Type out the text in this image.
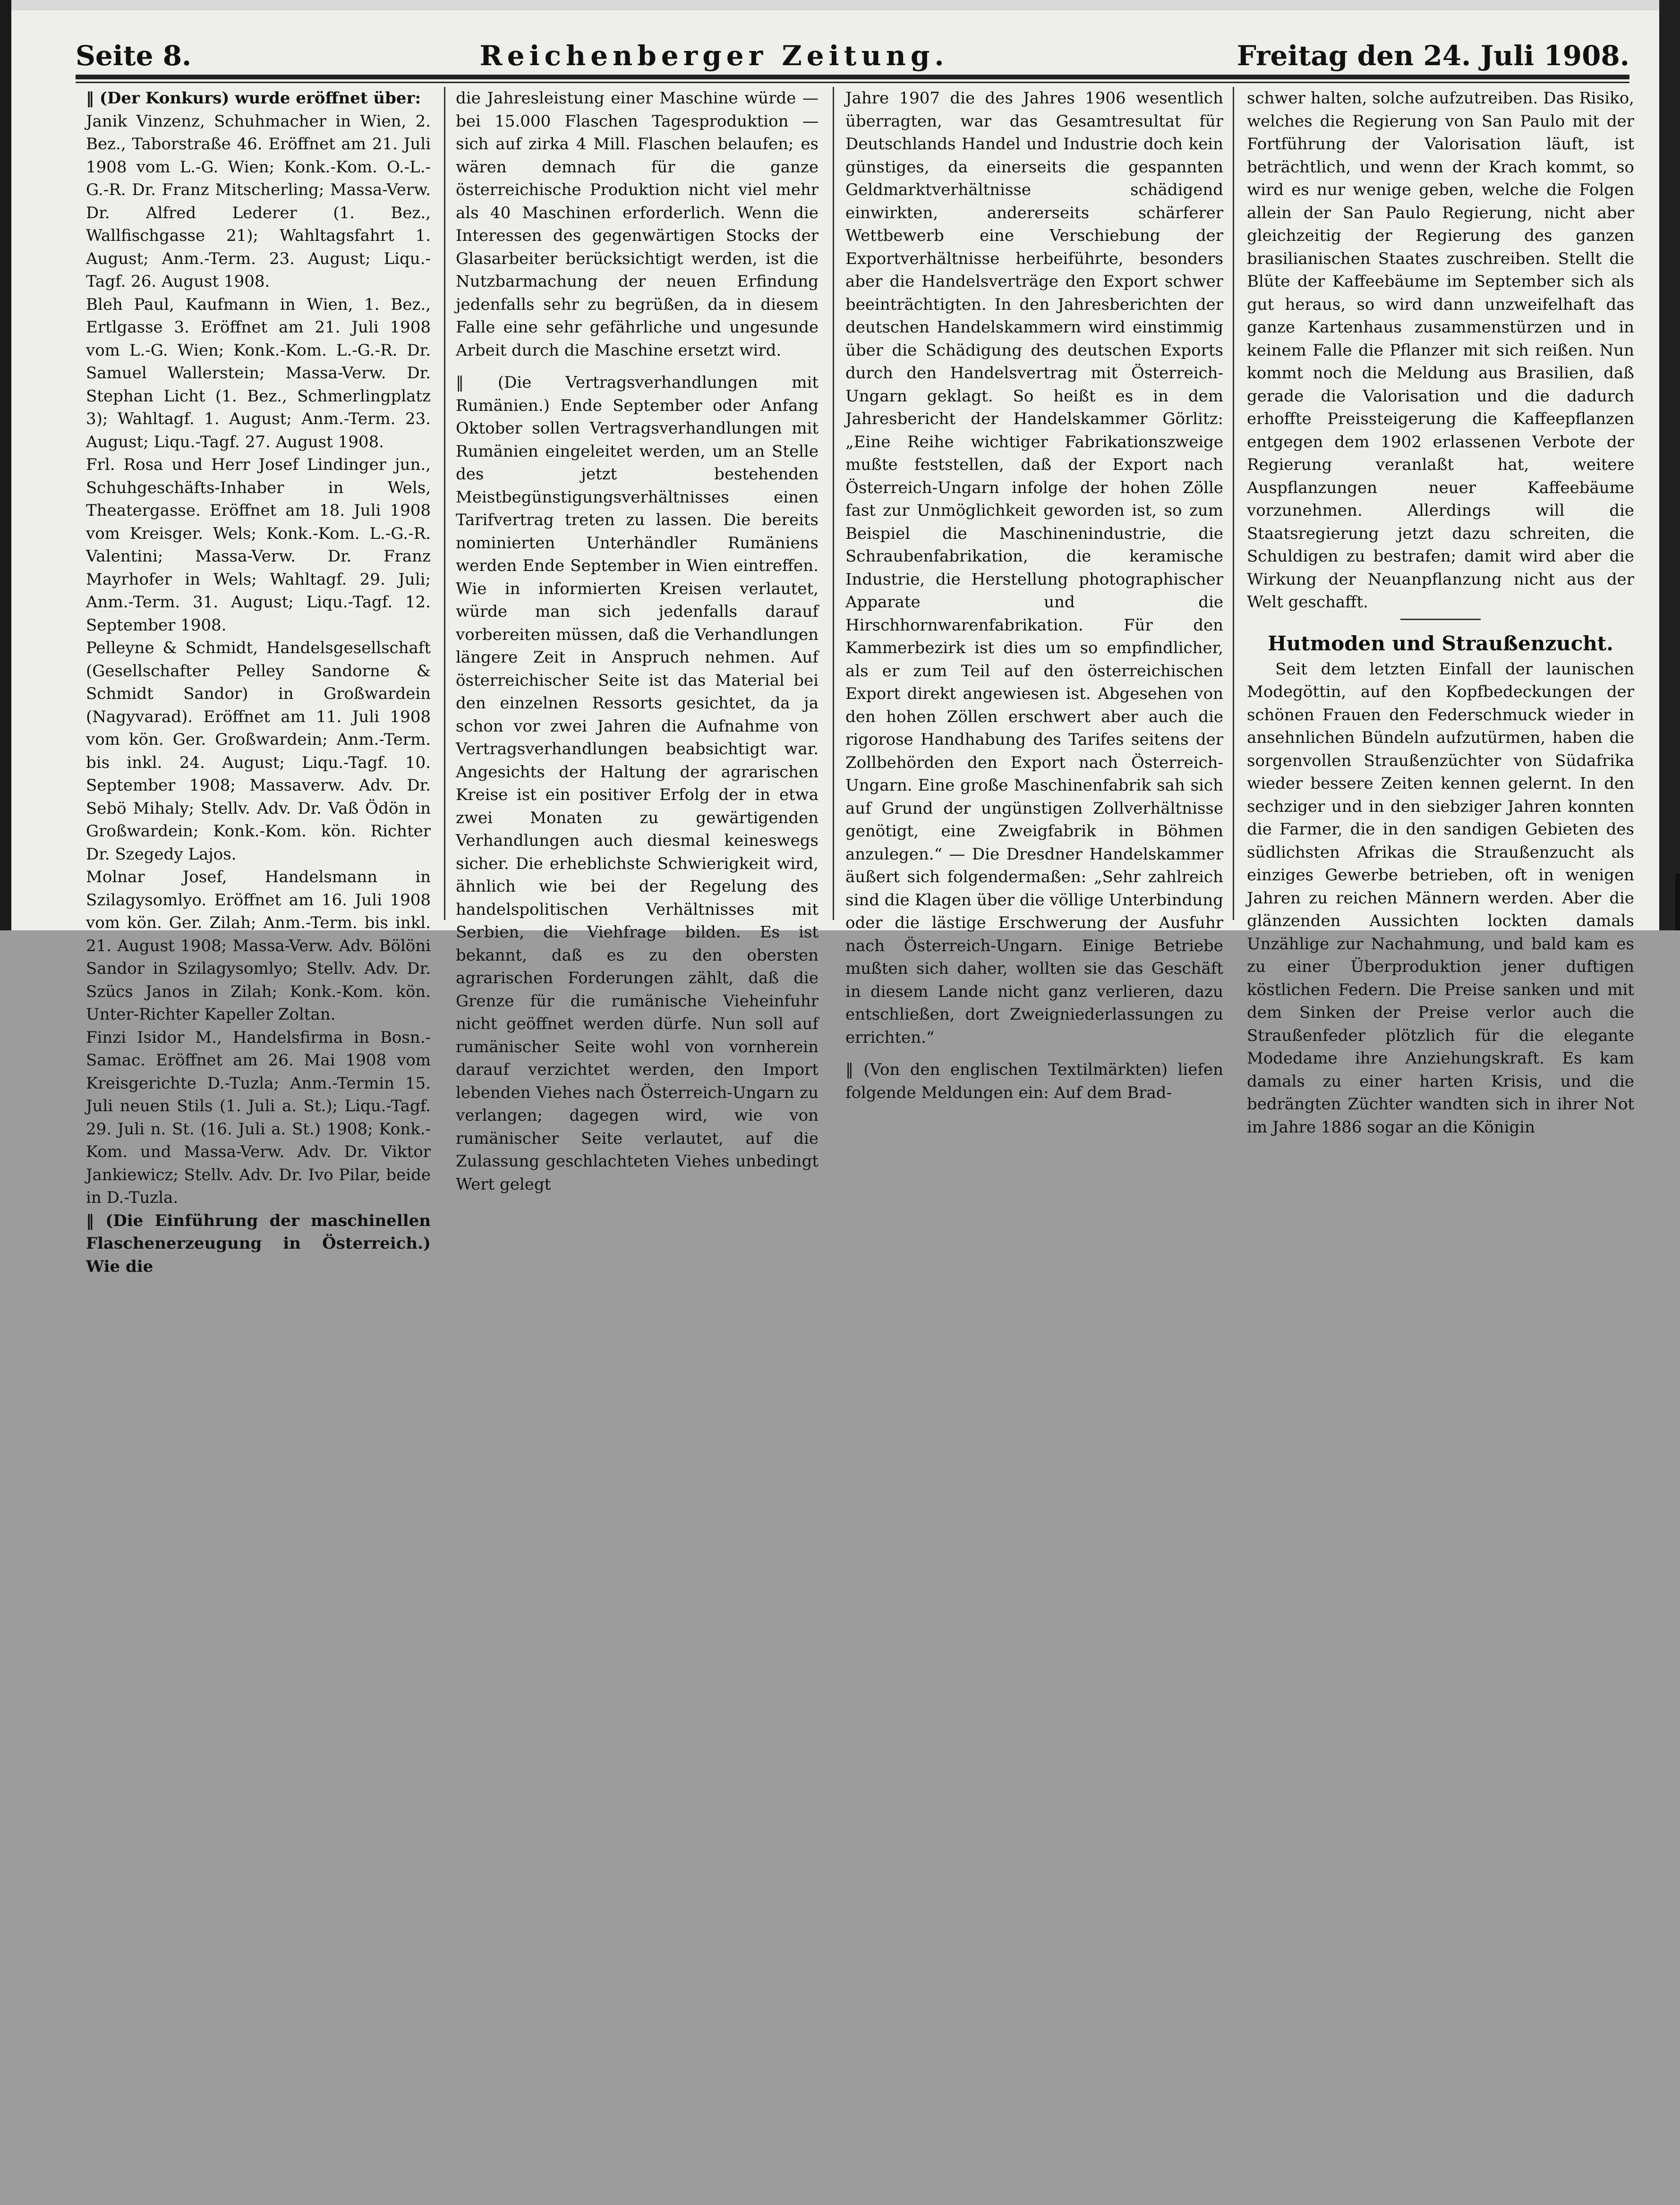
Seite 8.	Reichenberger Zeitung.	Freitag den 24. Juli 1908.

‖ (Der Konkurs) wurde eröffnet über:

Janik Vinzenz, Schuhmacher in Wien, 2. Bez., Taborstraße 46. Eröffnet am 21. Juli 1908 vom L.-G. Wien; Konk.-Kom. O.-L.-G.-R. Dr. Franz Mitscherling; Massa-Verw. Dr. Alfred Lederer (1. Bez., Wallfischgasse 21); Wahltagsfahrt 1. August; Anm.-Term. 23. August; Liqu.-Tagf. 26. August 1908.

Bleh Paul, Kaufmann in Wien, 1. Bez., Ertlgasse 3. Eröffnet am 21. Juli 1908 vom L.-G. Wien; Konk.-Kom. L.-G.-R. Dr. Samuel Wallerstein; Massa-Verw. Dr. Stephan Licht (1. Bez., Schmerlingplatz 3); Wahltagf. 1. August; Anm.-Term. 23. August; Liqu.-Tagf. 27. August 1908.

Frl. Rosa und Herr Josef Lindinger jun., Schuhgeschäfts-Inhaber in Wels, Theatergasse. Eröffnet am 18. Juli 1908 vom Kreisger. Wels; Konk.-Kom. L.-G.-R. Valentini; Massa-Verw. Dr. Franz Mayrhofer in Wels; Wahltagf. 29. Juli; Anm.-Term. 31. August; Liqu.-Tagf. 12. September 1908.

Pelleyne & Schmidt, Handelsgesellschaft (Gesellschafter Pelley Sandorne & Schmidt Sandor) in Großwardein (Nagyvarad). Eröffnet am 11. Juli 1908 vom kön. Ger. Großwardein; Anm.-Term. bis inkl. 24. August; Liqu.-Tagf. 10. September 1908; Massaverw. Adv. Dr. Sebö Mihaly; Stellv. Adv. Dr. Vaß Ödön in Großwardein; Konk.-Kom. kön. Richter Dr. Szegedy Lajos.

Molnar Josef, Handelsmann in Szilagysomlyo. Eröffnet am 16. Juli 1908 vom kön. Ger. Zilah; Anm.-Term. bis inkl. 21. August 1908; Massa-Verw. Adv. Bölöni Sandor in Szilagysomlyo; Stellv. Adv. Dr. Szücs Janos in Zilah; Konk.-Kom. kön. Unter-Richter Kapeller Zoltan.

Finzi Isidor M., Handelsfirma in Bosn.-Samac. Eröffnet am 26. Mai 1908 vom Kreisgerichte D.-Tuzla; Anm.-Termin 15. Juli neuen Stils (1. Juli a. St.); Liqu.-Tagf. 29. Juli n. St. (16. Juli a. St.) 1908; Konk.-Kom. und Massa-Verw. Adv. Dr. Viktor Jankiewicz; Stellv. Adv. Dr. Ivo Pilar, beide in D.-Tuzla.

‖ (Die Einführung der maschinellen Flaschenerzeugung in Österreich.) Wie die

die Jahresleistung einer Maschine würde — bei 15.000 Flaschen Tagesproduktion — sich auf zirka 4 Mill. Flaschen belaufen; es wären demnach für die ganze österreichische Produktion nicht viel mehr als 40 Maschinen erforderlich. Wenn die Interessen des gegenwärtigen Stocks der Glasarbeiter berücksichtigt werden, ist die Nutzbarmachung der neuen Erfindung jedenfalls sehr zu begrüßen, da in diesem Falle eine sehr gefährliche und ungesunde Arbeit durch die Maschine ersetzt wird.

‖ (Die Vertragsverhandlungen mit Rumänien.) Ende September oder Anfang Oktober sollen Vertragsverhandlungen mit Rumänien eingeleitet werden, um an Stelle des jetzt bestehenden Meistbegünstigungsverhältnisses einen Tarifvertrag treten zu lassen. Die bereits nominierten Unterhändler Rumäniens werden Ende September in Wien eintreffen. Wie in informierten Kreisen verlautet, würde man sich jedenfalls darauf vorbereiten müssen, daß die Verhandlungen längere Zeit in Anspruch nehmen. Auf österreichischer Seite ist das Material bei den einzelnen Ressorts gesichtet, da ja schon vor zwei Jahren die Aufnahme von Vertragsverhandlungen beabsichtigt war. Angesichts der Haltung der agrarischen Kreise ist ein positiver Erfolg der in etwa zwei Monaten zu gewärtigenden Verhandlungen auch diesmal keineswegs sicher. Die erheblichste Schwierigkeit wird, ähnlich wie bei der Regelung des handelspolitischen Verhältnisses mit Serbien, die Viehfrage bilden. Es ist bekannt, daß es zu den obersten agrarischen Forderungen zählt, daß die Grenze für die rumänische Vieheinfuhr nicht geöffnet werden dürfe. Nun soll auf rumänischer Seite wohl von vornherein darauf verzichtet werden, den Import lebenden Viehes nach Österreich-Ungarn zu verlangen; dagegen wird, wie von rumänischer Seite verlautet, auf die Zulassung geschlachteten Viehes unbedingt Wert gelegt

Jahre 1907 die des Jahres 1906 wesentlich überragten, war das Gesamtresultat für Deutschlands Handel und Industrie doch kein günstiges, da einerseits die gespannten Geldmarktverhältnisse schädigend einwirkten, andererseits schärferer Wettbewerb eine Verschiebung der Exportverhältnisse herbeiführte, besonders aber die Handelsverträge den Export schwer beeinträchtigten. In den Jahresberichten der deutschen Handelskammern wird einstimmig über die Schädigung des deutschen Exports durch den Handelsvertrag mit Österreich-Ungarn geklagt. So heißt es in dem Jahresbericht der Handelskammer Görlitz: „Eine Reihe wichtiger Fabrikationszweige mußte feststellen, daß der Export nach Österreich-Ungarn infolge der hohen Zölle fast zur Unmöglichkeit geworden ist, so zum Beispiel die Maschinenindustrie, die Schraubenfabrikation, die keramische Industrie, die Herstellung photographischer Apparate und die Hirschhornwarenfabrikation. Für den Kammerbezirk ist dies um so empfindlicher, als er zum Teil auf den österreichischen Export direkt angewiesen ist. Abgesehen von den hohen Zöllen erschwert aber auch die rigorose Handhabung des Tarifes seitens der Zollbehörden den Export nach Österreich-Ungarn. Eine große Maschinenfabrik sah sich auf Grund der ungünstigen Zollverhältnisse genötigt, eine Zweigfabrik in Böhmen anzulegen.“ — Die Dresdner Handelskammer äußert sich folgendermaßen: „Sehr zahlreich sind die Klagen über die völlige Unterbindung oder die lästige Erschwerung der Ausfuhr nach Österreich-Ungarn. Einige Betriebe mußten sich daher, wollten sie das Geschäft in diesem Lande nicht ganz verlieren, dazu entschließen, dort Zweigniederlassungen zu errichten.“

‖ (Von den englischen Textilmärkten) liefen folgende Meldungen ein: Auf dem Brad-

schwer halten, solche aufzutreiben. Das Risiko, welches die Regierung von San Paulo mit der Fortführung der Valorisation läuft, ist beträchtlich, und wenn der Krach kommt, so wird es nur wenige geben, welche die Folgen allein der San Paulo Regierung, nicht aber gleichzeitig der Regierung des ganzen brasilianischen Staates zuschreiben. Stellt die Blüte der Kaffeebäume im September sich als gut heraus, so wird dann unzweifelhaft das ganze Kartenhaus zusammenstürzen und in keinem Falle die Pflanzer mit sich reißen. Nun kommt noch die Meldung aus Brasilien, daß gerade die Valorisation und die dadurch erhoffte Preissteigerung die Kaffeepflanzen entgegen dem 1902 erlassenen Verbote der Regierung veranlaßt hat, weitere Auspflanzungen neuer Kaffeebäume vorzunehmen. Allerdings will die Staatsregierung jetzt dazu schreiten, die Schuldigen zu bestrafen; damit wird aber die Wirkung der Neuanpflanzung nicht aus der Welt geschafft.

Hutmoden und Straußenzucht.

Seit dem letzten Einfall der launischen Modegöttin, auf den Kopfbedeckungen der schönen Frauen den Federschmuck wieder in ansehnlichen Bündeln aufzutürmen, haben die sorgenvollen Straußenzüchter von Südafrika wieder bessere Zeiten kennen gelernt. In den sechziger und in den siebziger Jahren konnten die Farmer, die in den sandigen Gebieten des südlichsten Afrikas die Straußenzucht als einziges Gewerbe betrieben, oft in wenigen Jahren zu reichen Männern werden. Aber die glänzenden Aussichten lockten damals Unzählige zur Nachahmung, und bald kam es zu einer Überproduktion jener duftigen köstlichen Federn. Die Preise sanken und mit dem Sinken der Preise verlor auch die Straußenfeder plötzlich für die elegante Modedame ihre Anziehungskraft. Es kam damals zu einer harten Krisis, und die bedrängten Züchter wandten sich in ihrer Not im Jahre 1886 sogar an die Königin
